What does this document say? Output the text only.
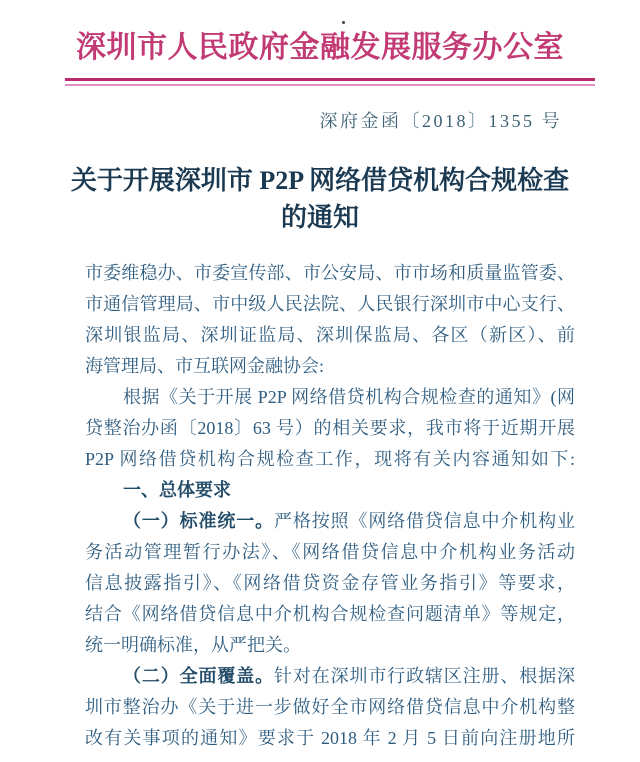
深圳市人民政府金融发展服务办公室
深府金函〔2018〕1355 号
关于开展深圳市 P2P 网络借贷机构合规检查
的通知
市委维稳办、市委宣传部、市公安局、市市场和质量监管委、
市通信管理局、市中级人民法院、人民银行深圳市中心支行、
深圳银监局、深圳证监局、深圳保监局、各区（新区）、前
海管理局、市互联网金融协会:
根据《关于开展 P2P 网络借贷机构合规检查的通知》(网
贷整治办函〔2018〕63 号）的相关要求，我市将于近期开展
P2P 网络借贷机构合规检查工作，现将有关内容通知如下:
一、总体要求
（一）标准统一。严格按照《网络借贷信息中介机构业
务活动管理暂行办法》、《网络借贷信息中介机构业务活动
信息披露指引》、《网络借贷资金存管业务指引》等要求，
结合《网络借贷信息中介机构合规检查问题清单》等规定，
统一明确标准，从严把关。
（二）全面覆盖。针对在深圳市行政辖区注册、根据深
圳市整治办《关于进一步做好全市网络借贷信息中介机构整
改有关事项的通知》要求于 2018 年 2 月 5 日前向注册地所
